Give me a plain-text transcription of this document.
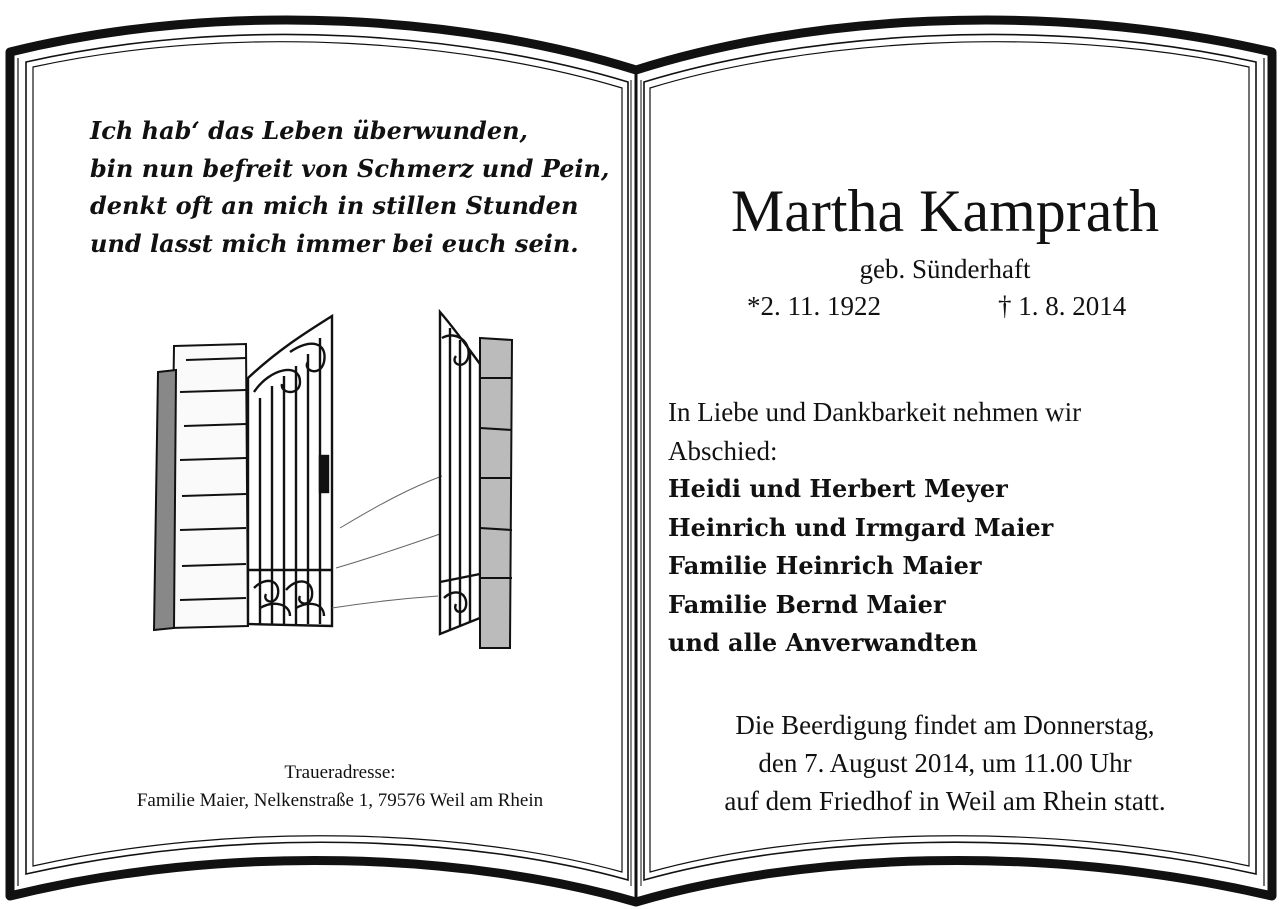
Ich hab‘ das Leben überwunden,
bin nun befreit von Schmerz und Pein,
denkt oft an mich in stillen Stunden
und lasst mich immer bei euch sein.
Traueradresse:
Familie Maier, Nelkenstraße 1, 79576 Weil am Rhein
Martha Kamprath
geb. Sünderhaft
*2. 11. 1922	† 1. 8. 2014
In Liebe und Dankbarkeit nehmen wir
Abschied:
Heidi und Herbert Meyer
Heinrich und Irmgard Maier
Familie Heinrich Maier
Familie Bernd Maier
und alle Anverwandten
Die Beerdigung findet am Donnerstag,
den 7. August 2014, um 11.00 Uhr
auf dem Friedhof in Weil am Rhein statt.
